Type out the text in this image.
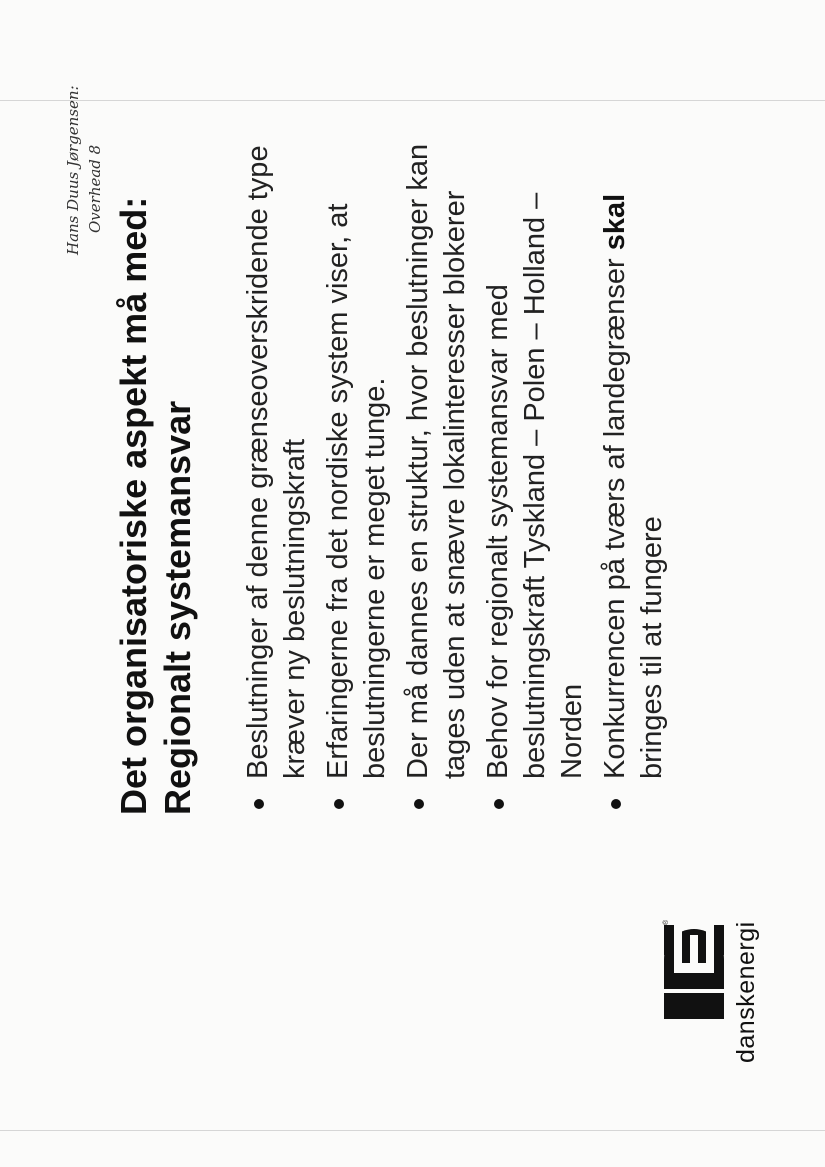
Hans Duus Jørgensen: Overhead 8
Det organisatoriske aspekt må med:
Regionalt systemansvar Beslutninger af denne grænseoverskridende type kræver ny beslutningskraft Erfaringerne fra det nordiske system viser, at beslutningerne er meget tunge. Der må dannes en struktur, hvor beslutninger kan tages uden at snævre lokalinteresser blokerer Behov for regionalt systemansvar med beslutningskraft Tyskland – Polen – Holland – Norden Konkurrencen på tværs af landegrænser skal bringes til at fungere
® danskenergi
